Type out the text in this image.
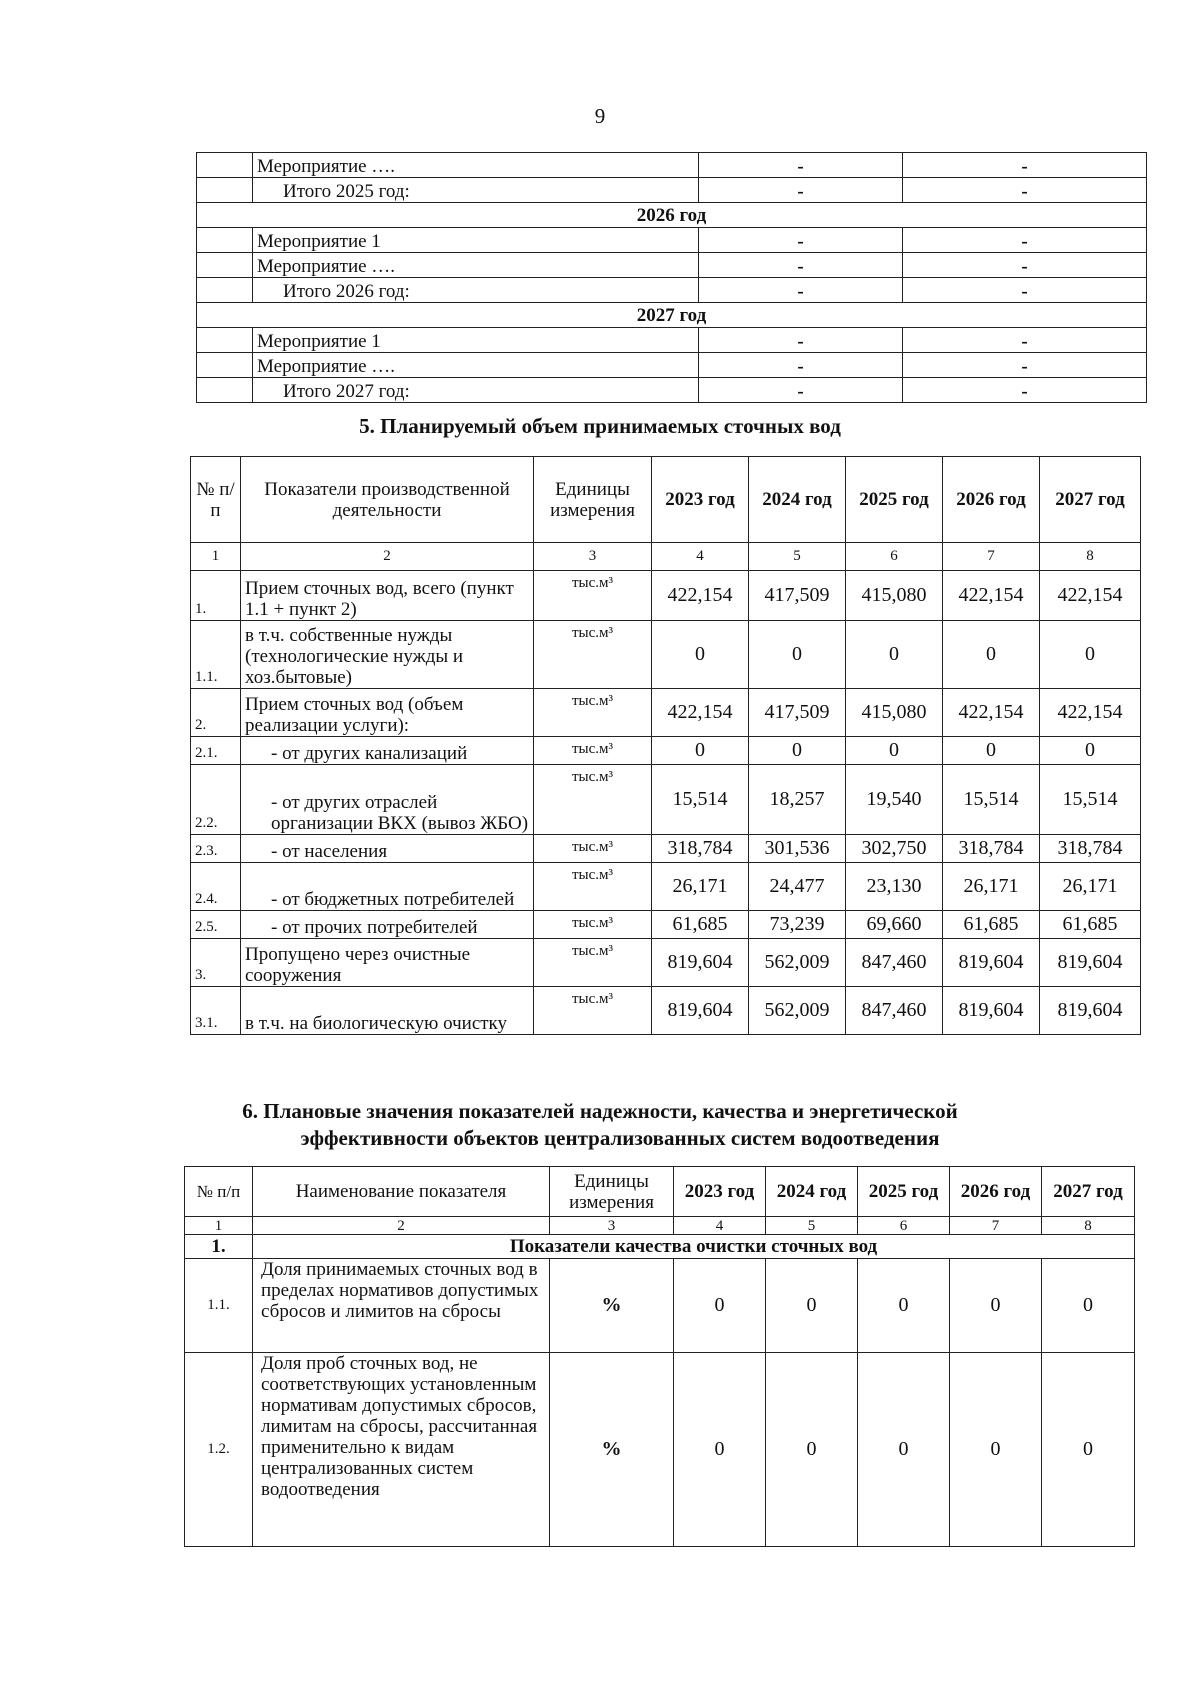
9
	Мероприятие ….	-	-
	Итого 2025 год:	-	-
2026 год			
	Мероприятие 1	-	-
	Мероприятие ….	-	-
	Итого 2026 год:	-	-
2027 год			
	Мероприятие 1	-	-
	Мероприятие ….	-	-
	Итого 2027 год:	-	-
5. Планируемый объем принимаемых сточных вод
№ п/п	Показатели производственной деятельности	Единицы измерения	2023 год	2024 год	2025 год	2026 год	2027 год
1	2	3	4	5	6	7	8
1.	Прием сточных вод, всего (пункт 1.1 + пункт 2)	тыс.м³	422,154	417,509	415,080	422,154	422,154
1.1.	в т.ч. собственные нужды (технологические нужды и хоз.бытовые)	тыс.м³	0	0	0	0	0
2.	Прием сточных вод (объем реализации услуги):	тыс.м³	422,154	417,509	415,080	422,154	422,154
2.1.	- от других канализаций	тыс.м³	0	0	0	0	0
2.2.	- от других отраслей организации ВКХ (вывоз ЖБО)	тыс.м³	15,514	18,257	19,540	15,514	15,514
2.3.	- от населения	тыс.м³	318,784	301,536	302,750	318,784	318,784
2.4.	- от бюджетных потребителей	тыс.м³	26,171	24,477	23,130	26,171	26,171
2.5.	- от прочих потребителей	тыс.м³	61,685	73,239	69,660	61,685	61,685
3.	Пропущено через очистные сооружения	тыс.м³	819,604	562,009	847,460	819,604	819,604
3.1.	в т.ч. на биологическую очистку	тыс.м³	819,604	562,009	847,460	819,604	819,604
6. Плановые значения показателей надежности, качества и энергетической
эффективности объектов централизованных систем водоотведения
№ п/п	Наименование показателя	Единицы измерения	2023 год	2024 год	2025 год	2026 год	2027 год
1	2	3	4	5	6	7	8
1.	Показатели качества очистки сточных вод						
1.1.	Доля принимаемых сточных вод в пределах нормативов допустимых сбросов и лимитов на сбросы	%	0	0	0	0	0
1.2.	Доля проб сточных вод, не соответствующих установленным нормативам допустимых сбросов, лимитам на сбросы, рассчитанная применительно к видам централизованных систем водоотведения	%	0	0	0	0	0
